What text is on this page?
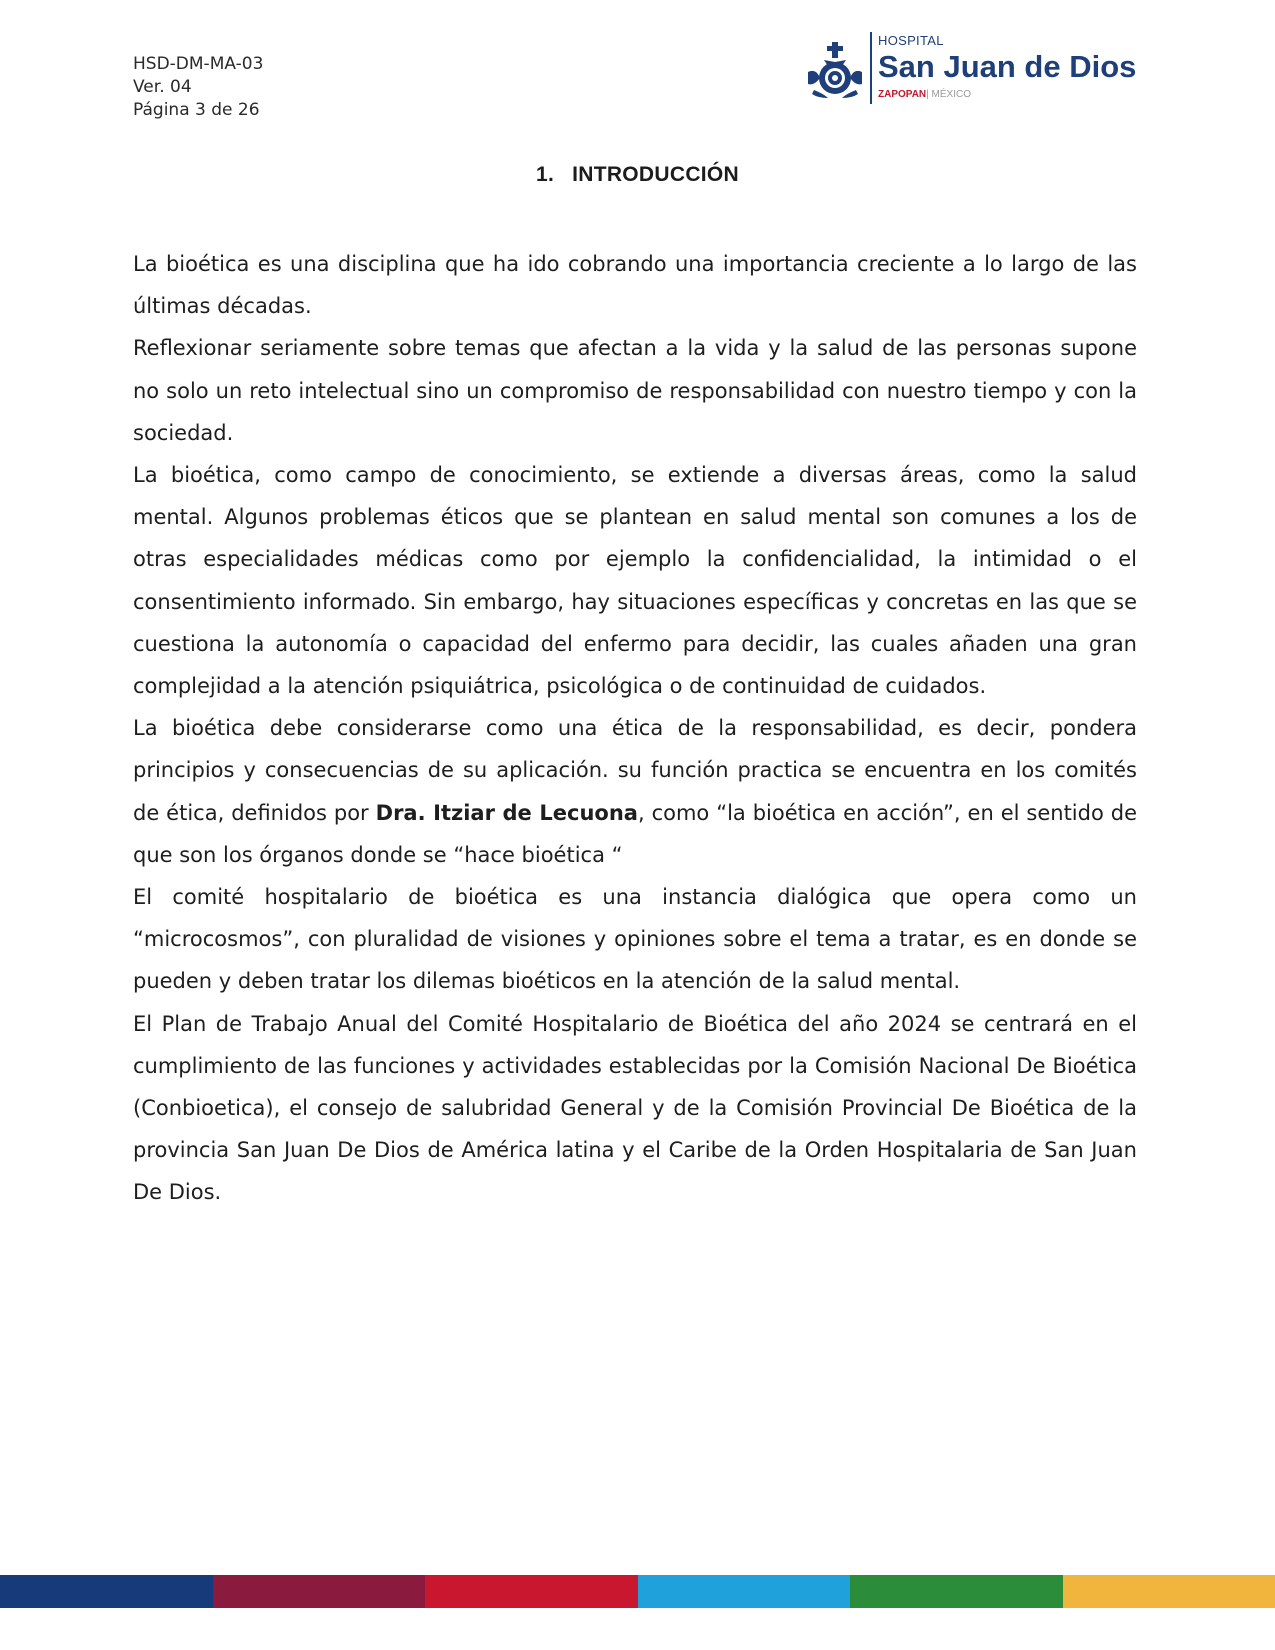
HSD-DM-MA-03
Ver. 04
Página 3 de 26
HOSPITAL
San Juan de Dios
ZAPOPAN| MÉXICO
1. INTRODUCCIÓN

La bioética es una disciplina que ha ido cobrando una importancia creciente a lo largo de las últimas décadas.

Reflexionar seriamente sobre temas que afectan a la vida y la salud de las personas supone no solo un reto intelectual sino un compromiso de responsabilidad con nuestro tiempo y con la sociedad.

La bioética, como campo de conocimiento, se extiende a diversas áreas, como la salud mental. Algunos problemas éticos que se plantean en salud mental son comunes a los de otras especialidades médicas como por ejemplo la confidencialidad, la intimidad o el consentimiento informado. Sin embargo, hay situaciones específicas y concretas en las que se cuestiona la autonomía o capacidad del enfermo para decidir, las cuales añaden una gran complejidad a la atención psiquiátrica, psicológica o de continuidad de cuidados.

La bioética debe considerarse como una ética de la responsabilidad, es decir, pondera principios y consecuencias de su aplicación. su función practica se encuentra en los comités de ética, definidos por Dra. Itziar de Lecuona, como “la bioética en acción”, en el sentido de que son los órganos donde se “hace bioética “

El comité hospitalario de bioética es una instancia dialógica que opera como un “microcosmos”, con pluralidad de visiones y opiniones sobre el tema a tratar, es en donde se pueden y deben tratar los dilemas bioéticos en la atención de la salud mental.

El Plan de Trabajo Anual del Comité Hospitalario de Bioética del año 2024 se centrará en el cumplimiento de las funciones y actividades establecidas por la Comisión Nacional De Bioética (Conbioetica), el consejo de salubridad General y de la Comisión Provincial De Bioética de la provincia San Juan De Dios de América latina y el Caribe de la Orden Hospitalaria de San Juan De Dios.
